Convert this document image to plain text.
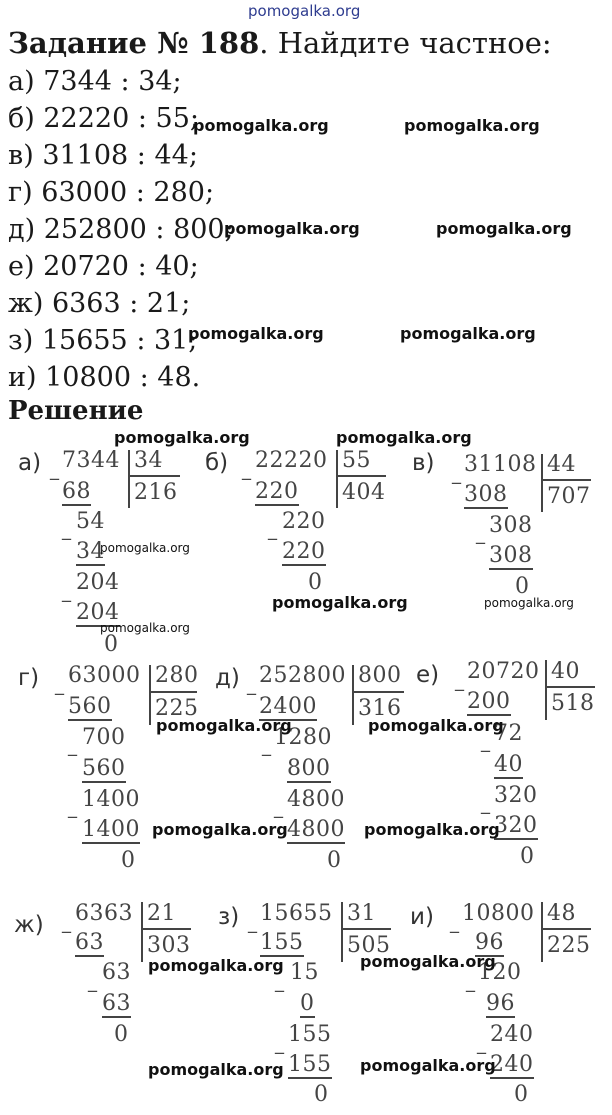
pomogalka.org
Задание № 188. Найдите частное:
а) 7344 : 34;
б) 22220 : 55;
в) 31108 : 44;
г) 63000 : 280;
д) 252800 : 800;
е) 20720 : 40;
ж) 6363 : 21;
з) 15655 : 31;
и) 10800 : 48.
pomogalka.org	pomogalka.org
pomogalka.org	pomogalka.org
pomogalka.org	pomogalka.org
Решение
а) _ 7344 34
216
68
_ 54
34
_ 204
204
0
б) _ 22220 55
404
220
_ 220
220
0
в) _ 31108 44
707
308
_ 308
308
0
pomogalka.org	pomogalka.org
pomogalka.org
pomogalka.org
pomogalka.org	pomogalka.org
г) _ 63000 280
225
560
_ 700
560
_ 1400
1400
0
д) _ 252800 800
316
2400
_ 1280
800
_ 4800
4800
0
е) _ 20720 40
518
200
_ 72
40
_ 320
320
0
pomogalka.org	pomogalka.org
pomogalka.org	pomogalka.org
ж) _ 6363 21
303
63
_ 63
63
0
з) _ 15655 31
505
155
_ 15
0
_ 155
155
0
и) _ 10800 48
225
96
_ 120
96
_ 240
240
0
pomogalka.org	pomogalka.org
pomogalka.org	pomogalka.org
